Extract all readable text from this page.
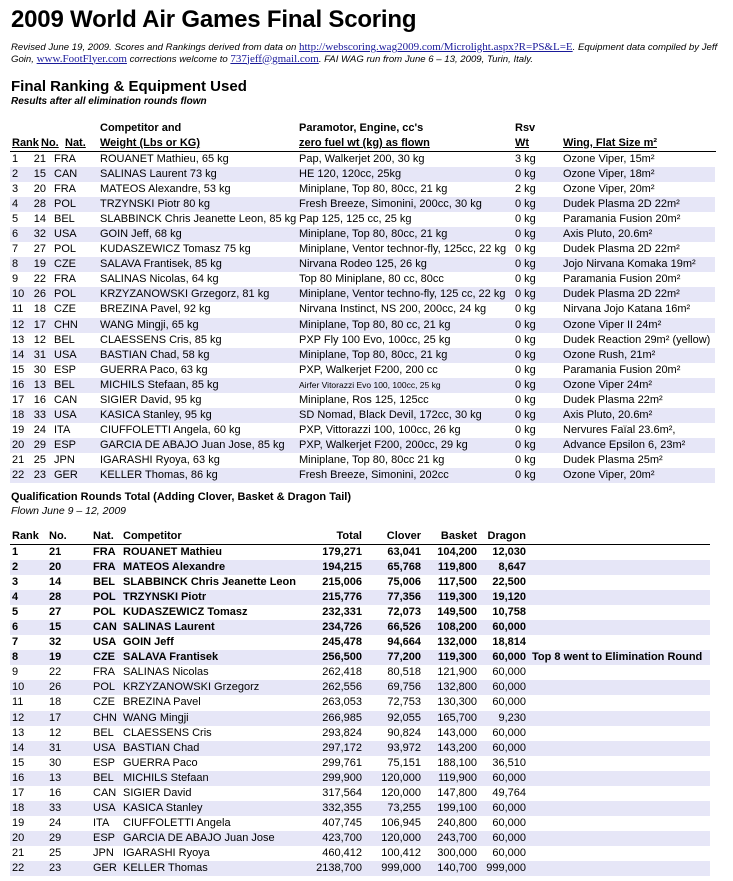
2009 World Air Games Final Scoring
Revised June 19, 2009. Scores and Rankings derived from data on http://webscoring.wag2009.com/Microlight.aspx?R=PS&L=E. Equipment data compiled by Jeff Goin, www.FootFlyer.com corrections welcome to 737jeff@gmail.com. FAI WAG run from June 6 – 13, 2009, Turin, Italy.
Final Ranking & Equipment Used
Results after all elimination rounds flown
Rank No. Nat.
Competitor and
Weight (Lbs or KG)
Paramotor, Engine, cc's
zero fuel wt (kg) as flown
Rsv
Wt	Wing, Flat Size m²
1	21 FRA ROUANET Mathieu, 65 kg	Pap, Walkerjet 200, 30 kg	3 kg Ozone Viper, 15m²
2	15 CAN SALINAS Laurent 73 kg	HE 120, 120cc, 25kg	0 kg Ozone Viper, 18m²
3	20 FRA MATEOS Alexandre, 53 kg	Miniplane, Top 80, 80cc, 21 kg	2 kg Ozone Viper, 20m²
4	28 POL TRZYNSKI Piotr 80 kg	Fresh Breeze, Simonini, 200cc, 30 kg	0 kg Dudek Plasma 2D 22m²
5	14 BEL SLABBINCK Chris Jeanette Leon, 85 kg Pap 125, 125 cc, 25 kg	0 kg Paramania Fusion 20m²
6	32 USA GOIN Jeff, 68 kg	Miniplane, Top 80, 80cc, 21 kg	0 kg Axis Pluto, 20.6m²
7	27 POL KUDASZEWICZ Tomasz 75 kg	Miniplane, Ventor technor-fly, 125cc, 22 kg 0 kg Dudek Plasma 2D 22m²
8	19 CZE SALAVA Frantisek, 85 kg	Nirvana Rodeo 125, 26 kg	0 kg Jojo Nirvana Komaka 19m²
9	22 FRA SALINAS Nicolas, 64 kg	Top 80 Miniplane, 80 cc, 80cc	0 kg Paramania Fusion 20m²
10 26 POL KRZYZANOWSKI Grzegorz, 81 kg	Miniplane, Ventor techno-fly, 125 cc, 22 kg 0 kg Dudek Plasma 2D 22m²
11 18 CZE BREZINA Pavel, 92 kg	Nirvana Instinct, NS 200, 200cc, 24 kg	0 kg Nirvana Jojo Katana 16m²
12 17 CHN WANG Mingji, 65 kg	Miniplane, Top 80, 80 cc, 21 kg	0 kg Ozone Viper II 24m²
13 12 BEL CLAESSENS Cris, 85 kg	PXP Fly 100 Evo, 100cc, 25 kg	0 kg Dudek Reaction 29m² (yellow)
14 31 USA BASTIAN Chad, 58 kg	Miniplane, Top 80, 80cc, 21 kg	0 kg Ozone Rush, 21m²
15 30 ESP GUERRA Paco, 63 kg	PXP, Walkerjet F200, 200 cc	0 kg Paramania Fusion 20m²
16 13 BEL MICHILS Stefaan, 85 kg	Airfer Vitorazzi Evo 100, 100cc, 25 kg	0 kg Ozone Viper 24m²
17 16 CAN SIGIER David, 95 kg	Miniplane, Ros 125, 125cc	0 kg Dudek Plasma 22m²
18 33 USA KASICA Stanley, 95 kg	SD Nomad, Black Devil, 172cc, 30 kg	0 kg Axis Pluto, 20.6m²
19 24 ITA	CIUFFOLETTI Angela, 60 kg	PXP, Vittorazzi 100, 100cc, 26 kg	0 kg Nervures Faïal 23.6m²,
20 29 ESP GARCIA DE ABAJO Juan Jose, 85 kg PXP, Walkerjet F200, 200cc, 29 kg	0 kg Advance Epsilon 6, 23m²
21 25 JPN IGARASHI Ryoya, 63 kg	Miniplane, Top 80, 80cc 21 kg	0 kg Dudek Plasma 25m²
22 23 GER KELLER Thomas, 86 kg	Fresh Breeze, Simonini, 202cc	0 kg Ozone Viper, 20m²
Qualification Rounds Total (Adding Clover, Basket & Dragon Tail)
Flown June 9 – 12, 2009
Rank No. Nat. Competitor	Total	Clover	Basket Dragon
1	21	FRA ROUANET Mathieu	179,271	63,041	104,200	12,030
2	20	FRA MATEOS Alexandre	194,215	65,768	119,800	8,647
3	14	BEL SLABBINCK Chris Jeanette Leon	215,006	75,006	117,500	22,500
4	28	POL TRZYNSKI Piotr	215,776	77,356	119,300	19,120
5	27	POL KUDASZEWICZ Tomasz	232,331	72,073	149,500	10,758
6	15	CAN SALINAS Laurent	234,726	66,526	108,200	60,000
7	32	USA GOIN Jeff	245,478	94,664	132,000	18,814
8	19	CZE SALAVA Frantisek	256,500	77,200	119,300	60,000 Top 8 went to Elimination Round
9	22	FRA SALINAS Nicolas	262,418	80,518	121,900	60,000
10 26	POL KRZYZANOWSKI Grzegorz	262,556	69,756	132,800	60,000
11 18	CZE BREZINA Pavel	263,053	72,753	130,300	60,000
12 17	CHN WANG Mingji	266,985	92,055	165,700	9,230
13 12	BEL CLAESSENS Cris	293,824	90,824	143,000	60,000
14 31	USA BASTIAN Chad	297,172	93,972	143,200	60,000
15 30	ESP GUERRA Paco	299,761	75,151	188,100	36,510
16 13	BEL MICHILS Stefaan	299,900	120,000	119,900	60,000
17 16	CAN SIGIER David	317,564	120,000	147,800	49,764
18 33	USA KASICA Stanley	332,355	73,255	199,100	60,000
19 24	ITA CIUFFOLETTI Angela	407,745	106,945	240,800	60,000
20 29	ESP GARCIA DE ABAJO Juan Jose	423,700	120,000	243,700	60,000
21 25	JPN IGARASHI Ryoya	460,412	100,412	300,000	60,000
22 23	GER KELLER Thomas	2138,700	999,000	140,700 999,000
